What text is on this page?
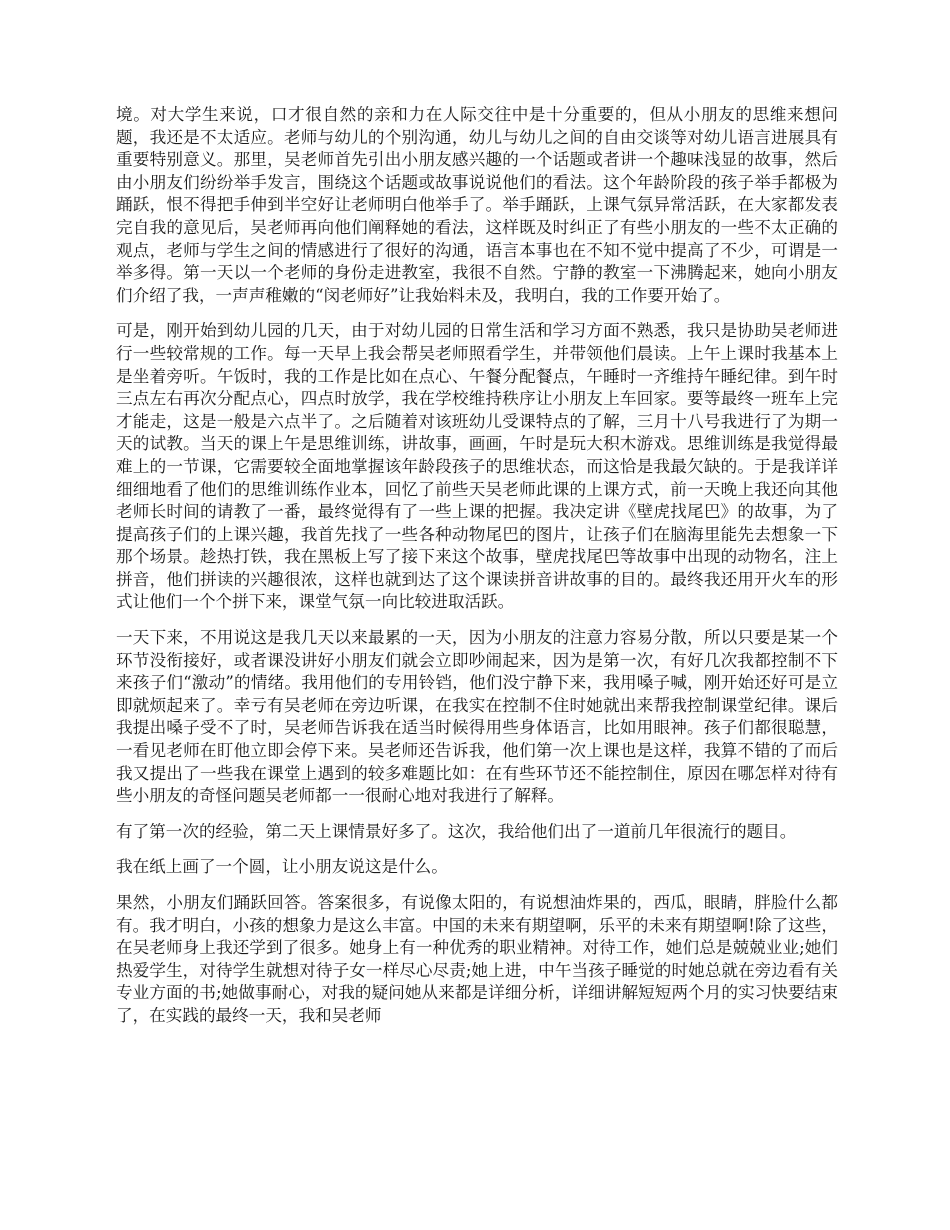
境。对大学生来说，口才很自然的亲和力在人际交往中是十分重要的，但从小朋友的思维来想问题，我还是不太适应。老师与幼儿的个别沟通，幼儿与幼儿之间的自由交谈等对幼儿语言进展具有重要特别意义。那里，吴老师首先引出小朋友感兴趣的一个话题或者讲一个趣味浅显的故事，然后由小朋友们纷纷举手发言，围绕这个话题或故事说说他们的看法。这个年龄阶段的孩子举手都极为踊跃，恨不得把手伸到半空好让老师明白他举手了。举手踊跃，上课气氛异常活跃，在大家都发表完自我的意见后，吴老师再向他们阐释她的看法，这样既及时纠正了有些小朋友的一些不太正确的观点，老师与学生之间的情感进行了很好的沟通，语言本事也在不知不觉中提高了不少，可谓是一举多得。第一天以一个老师的身份走进教室，我很不自然。宁静的教室一下沸腾起来，她向小朋友们介绍了我，一声声稚嫩的“闵老师好”让我始料未及，我明白，我的工作要开始了。

可是，刚开始到幼儿园的几天，由于对幼儿园的日常生活和学习方面不熟悉，我只是协助吴老师进行一些较常规的工作。每一天早上我会帮吴老师照看学生，并带领他们晨读。上午上课时我基本上是坐着旁听。午饭时，我的工作是比如在点心、午餐分配餐点，午睡时一齐维持午睡纪律。到午时三点左右再次分配点心，四点时放学，我在学校维持秩序让小朋友上车回家。要等最终一班车上完才能走，这是一般是六点半了。之后随着对该班幼儿受课特点的了解，三月十八号我进行了为期一天的试教。当天的课上午是思维训练，讲故事，画画，午时是玩大积木游戏。思维训练是我觉得最难上的一节课，它需要较全面地掌握该年龄段孩子的思维状态，而这恰是我最欠缺的。于是我详详细细地看了他们的思维训练作业本，回忆了前些天吴老师此课的上课方式，前一天晚上我还向其他老师长时间的请教了一番，最终觉得有了一些上课的把握。我决定讲《壁虎找尾巴》的故事，为了提高孩子们的上课兴趣，我首先找了一些各种动物尾巴的图片，让孩子们在脑海里能先去想象一下那个场景。趁热打铁，我在黑板上写了接下来这个故事，壁虎找尾巴等故事中出现的动物名，注上拼音，他们拼读的兴趣很浓，这样也就到达了这个课读拼音讲故事的目的。最终我还用开火车的形式让他们一个个拼下来，课堂气氛一向比较进取活跃。

一天下来，不用说这是我几天以来最累的一天，因为小朋友的注意力容易分散，所以只要是某一个环节没衔接好，或者课没讲好小朋友们就会立即吵闹起来，因为是第一次，有好几次我都控制不下来孩子们“激动”的情绪。我用他们的专用铃铛，他们没宁静下来，我用嗓子喊，刚开始还好可是立即就烦起来了。幸亏有吴老师在旁边听课，在我实在控制不住时她就出来帮我控制课堂纪律。课后我提出嗓子受不了时，吴老师告诉我在适当时候得用些身体语言，比如用眼神。孩子们都很聪慧，一看见老师在盯他立即会停下来。吴老师还告诉我，他们第一次上课也是这样，我算不错的了而后我又提出了一些我在课堂上遇到的较多难题比如：在有些环节还不能控制住，原因在哪怎样对待有些小朋友的奇怪问题吴老师都一一很耐心地对我进行了解释。

有了第一次的经验，第二天上课情景好多了。这次，我给他们出了一道前几年很流行的题目。

我在纸上画了一个圆，让小朋友说这是什么。

果然，小朋友们踊跃回答。答案很多，有说像太阳的，有说想油炸果的，西瓜，眼睛，胖脸什么都有。我才明白，小孩的想象力是这么丰富。中国的未来有期望啊，乐平的未来有期望啊!除了这些，在吴老师身上我还学到了很多。她身上有一种优秀的职业精神。对待工作，她们总是兢兢业业;她们热爱学生，对待学生就想对待子女一样尽心尽责;她上进，中午当孩子睡觉的时她总就在旁边看有关专业方面的书;她做事耐心，对我的疑问她从来都是详细分析，详细讲解短短两个月的实习快要结束了，在实践的最终一天，我和吴老师
